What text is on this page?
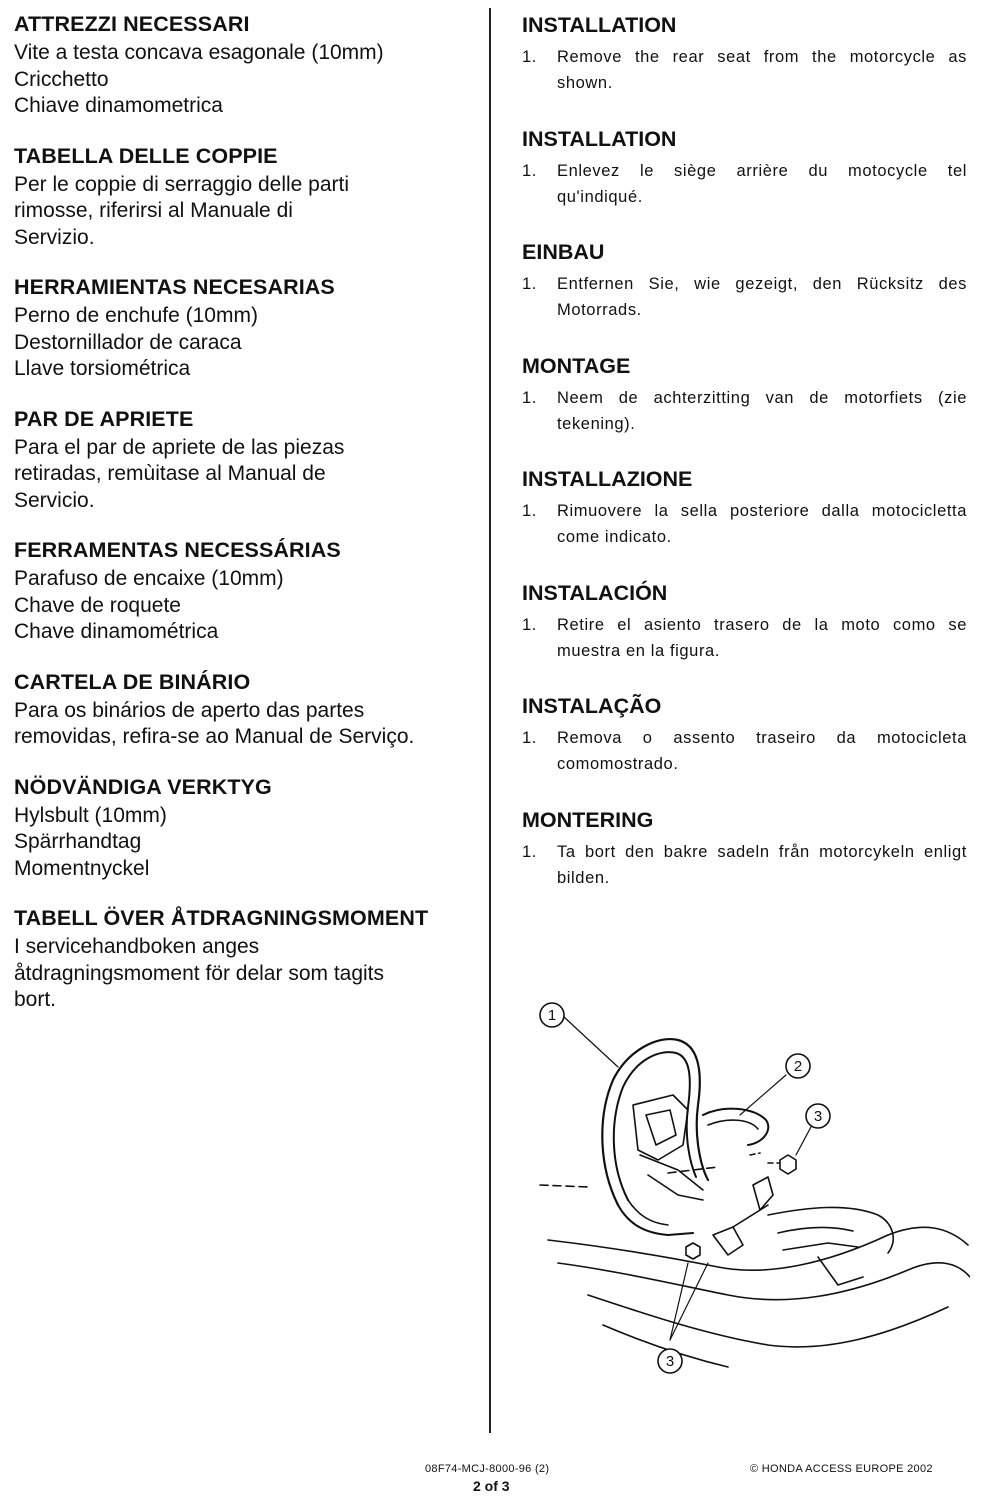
ATTREZZI NECESSARI
Vite a testa concava esagonale (10mm)
Cricchetto
Chiave dinamometrica
TABELLA DELLE COPPIE
Per le coppie di serraggio delle parti
rimosse, riferirsi al Manuale di
Servizio.
HERRAMIENTAS NECESARIAS
Perno de enchufe (10mm)
Destornillador de caraca
Llave torsiométrica
PAR DE APRIETE
Para el par de apriete de las piezas
retiradas, remùitase al Manual de
Servicio.
FERRAMENTAS NECESSÁRIAS
Parafuso de encaixe (10mm)
Chave de roquete
Chave dinamométrica
CARTELA DE BINÁRIO
Para os binários de aperto das partes
removidas, refira-se ao Manual de Serviço.
NÖDVÄNDIGA VERKTYG
Hylsbult (10mm)
Spärrhandtag
Momentnyckel
TABELL ÖVER ÅTDRAGNINGSMOMENT
I servicehandboken anges
åtdragningsmoment för delar som tagits
bort.
INSTALLATION
1.	Remove the rear seat from the motorcycle as shown.
INSTALLATION
1.	Enlevez le siège arrière du motocycle tel qu'indiqué.
EINBAU
1.	Entfernen Sie, wie gezeigt, den Rücksitz des Motorrads.
MONTAGE
1.	Neem de achterzitting van de motorfiets (zie tekening).
INSTALLAZIONE
1.	Rimuovere la sella posteriore dalla motocicletta come indicato.
INSTALACIÓN
1.	Retire el asiento trasero de la moto como se muestra en la figura.
INSTALAÇÃO
1.	Remova o assento traseiro da motocicleta comomostrado.
MONTERING
1.	Ta bort den bakre sadeln från motorcykeln enligt bilden.
1
2
3
3
08F74-MCJ-8000-96 (2)
2 of 3
© HONDA ACCESS EUROPE 2002
